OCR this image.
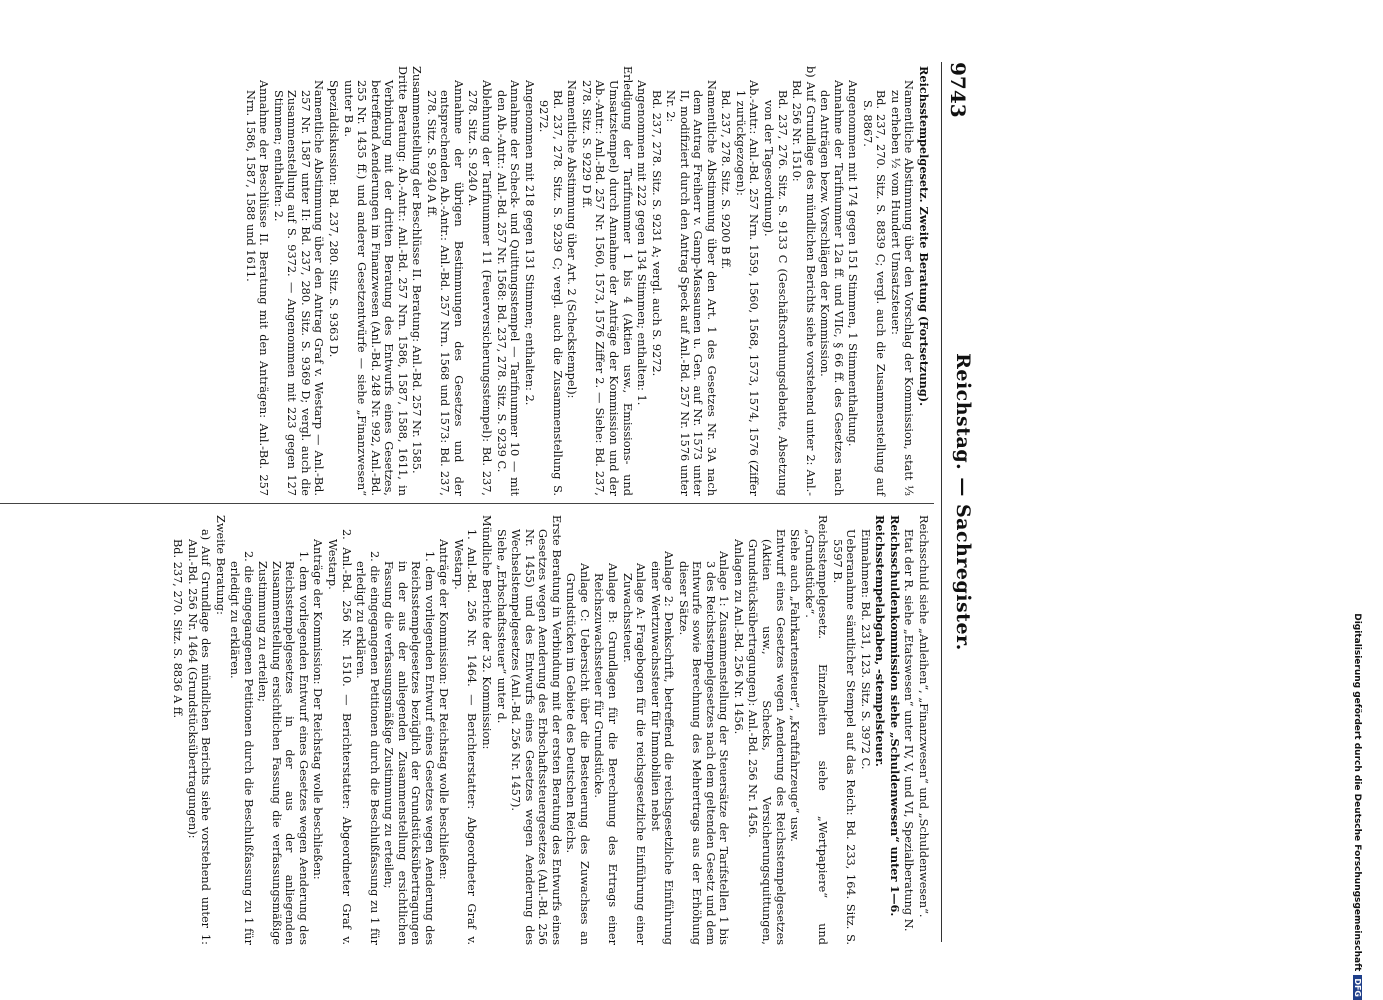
9743
Reichstag. — Sachregister.

Reichsstempelgesetz. Zweite Beratung (Fortsetzung).

Namentliche Abstimmung über den Vorschlag der Kommission, statt ⅓ zu erheben ½ vom Hundert Umsatzsteuer:

Bd. 237, 270. Sitz. S. 8839 C; vergl. auch die Zusammenstellung auf S. 8867.

Angenommen mit 174 gegen 151 Stimmen, 1 Stimmenthaltung.

Annahme der Tarifnummer 12a ff. und VIIc, § 66 ff. des Gesetzes nach den Anträgen bezw. Vorschlägen der Kommission.

b) Auf Grundlage des mündlichen Berichts siehe vorstehend unter 2: Anl.-Bd. 256 Nr. 1510:

Bd. 237, 276. Sitz. S. 9133 C (Geschäftsordnungsdebatte, Absetzung von der Tagesordnung).

Ab.-Antr.: Anl.-Bd. 257 Nrn. 1559, 1560, 1568, 1573, 1574, 1576 (Ziffer 1 zurückgezogen):

Bd. 237, 278. Sitz. S. 9200 B ff.

Namentliche Abstimmung über den Art. 1 des Gesetzes Nr. 3A nach dem Antrag Freiherr v. Gamp-Massaunen u. Gen. auf Nr. 1573 unter II, modifiziert durch den Antrag Speck auf Anl.-Bd. 257 Nr. 1576 unter Nr. 2:

Bd. 237, 278. Sitz. S. 9231 A; vergl. auch S. 9272.

Angenommen mit 222 gegen 134 Stimmen; enthalten: 1.

Erledigung der Tarifnummer 1 bis 4 (Aktien usw., Emissions- und Umsatzstempel) durch Annahme der Anträge der Kommission und der Ab.-Antr.: Anl.-Bd. 257 Nr. 1560, 1573, 1576 Ziffer 2. — Siehe: Bd. 237, 278. Sitz. S. 9229 D ff.

Namentliche Abstimmung über Art. 2 (Scheckstempel):

Bd. 237, 278. Sitz. S. 9239 C; vergl. auch die Zusammenstellung S. 9272.

Angenommen mit 218 gegen 131 Stimmen; enthalten: 2.

Annahme der Scheck- und Quittungsstempel — Tarifnummer 10 — mit den Ab.-Antr.: Anl.-Bd. 257 Nr. 1568: Bd. 237, 278. Sitz. S. 9239 C.

Ablehnung der Tarifnummer 11 (Feuerversicherungsstempel): Bd. 237, 278. Sitz. S. 9240 A.

Annahme der übrigen Bestimmungen des Gesetzes und der entsprechenden Ab.-Antr.: Anl.-Bd. 257 Nrn. 1568 und 1573: Bd. 237, 278. Sitz. S. 9240 A ff.

Zusammenstellung der Beschlüsse II. Beratung: Anl.-Bd. 257 Nr. 1585.

Dritte Beratung: Ab.-Antr.: Anl.-Bd. 257 Nrn. 1586, 1587, 1588, 1611, in Verbindung mit der dritten Beratung des Entwurfs eines Gesetzes, betreffend Aenderungen im Finanzwesen (Anl.-Bd. 248 Nr. 992, Anl.-Bd. 255 Nr. 1435 ff.) und anderer Gesetzentwürfe — siehe „Finanzwesen“ unter B a.

Spezialdiskussion: Bd. 237, 280. Sitz. S. 9363 D.

Namentliche Abstimmung über den Antrag Graf v. Westarp — Anl.-Bd. 257 Nr. 1587 unter II: Bd. 237, 280. Sitz. S. 9369 D; vergl. auch die Zusammenstellung auf S. 9372. — Angenommen mit 223 gegen 127 Stimmen; enthalten: 2.

Annahme der Beschlüsse II. Beratung mit den Anträgen: Anl.-Bd. 257 Nrn. 1586, 1587, 1588 und 1611.

Reichsschuld siehe „Anleihen“, „Finanzwesen“ und „Schuldenwesen“.

Etat der R. siehe „Etatswesen“ unter IV, V, und VI, Spezialberatung N.

Reichsschuldenkommission siehe „Schuldenwesen“ unter 1—6.

Reichsstempelabgaben, -stempelsteuer.

Einnahmen: Bd. 231, 123. Sitz. S. 3972 C.

Ueberanahme sämtlicher Stempel auf das Reich: Bd. 233, 164. Sitz. S. 5597 B.

Reichsstempelgesetz. Einzelheiten siehe „Wertpapiere“ und „Grundstücke“.

Siehe auch „Fahrkartensteuer“, „Kraftfahrzeuge“ usw.

Entwurf eines Gesetzes wegen Aenderung des Reichsstempelgesetzes (Aktien usw., Schecks, Versicherungsquittungen, Grundstücksübertragungen): Anl.-Bd. 256 Nr. 1456.

Anlagen zu Anl.-Bd. 256 Nr. 1456.

Anlage 1: Zusammenstellung der Steuersätze der Tarifstellen 1 bis 3 des Reichsstempelgesetzes nach dem geltenden Gesetz und dem Entwurfe sowie Berechnung des Mehrertrags aus der Erhöhung dieser Sätze.

Anlage 2: Denkschrift, betreffend die reichsgesetzliche Einführung einer Wertzuwachssteuer für Immobilien nebst

Anlage A: Fragebogen für die reichsgesetzliche Einführung einer Zuwachssteuer.

Anlage B: Grundlagen für die Berechnung des Ertrags einer Reichszuwachssteuer für Grundstücke.

Anlage C: Uebersicht über die Besteuerung des Zuwachses an Grundstücken im Gebiete des Deutschen Reichs.

Erste Beratung in Verbindung mit der ersten Beratung des Entwurfs eines Gesetzes wegen Aenderung des Erbschaftssteuergesetzes (Anl.-Bd. 256 Nr. 1455) und des Entwurfs eines Gesetzes wegen Aenderung des Wechselstempelgesetzes (Anl.-Bd. 256 Nr. 1457).

Siehe „Erbschaftssteuer“ unter d.

Mündliche Berichte der 32. Kommission:

1. Anl.-Bd. 256 Nr. 1464. — Berichterstatter: Abgeordneter Graf v. Westarp.

Anträge der Kommission: Der Reichstag wolle beschließen:

1. dem vorliegenden Entwurf eines Gesetzes wegen Aenderung des Reichsstempelgesetzes bezüglich der Grundstücksübertragungen in der aus der anliegenden Zusammenstellung ersichtlichen Fassung die verfassungsmäßige Zustimmung zu erteilen;

2. die eingegangenen Petitionen durch die Beschlußfassung zu 1 für erledigt zu erklären.

2. Anl.-Bd. 256 Nr. 1510. — Berichterstatter: Abgeordneter Graf v. Westarp.

Anträge der Kommission: Der Reichstag wolle beschließen:

1. dem vorliegenden Entwurf eines Gesetzes wegen Aenderung des Reichsstempelgesetzes in der aus der anliegenden Zusammenstellung ersichtlichen Fassung die verfassungsmäßige Zustimmung zu erteilen;

2. die eingegangenen Petitionen durch die Beschlußfassung zu 1 für erledigt zu erklären.

Zweite Beratung:

a) Auf Grundlage des mündlichen Berichts siehe vorstehend unter 1: Anl.-Bd. 256 Nr. 1464 (Grundstücksübertragungen):

Bd. 237, 270. Sitz. S. 8836 A ff.	Digitalisierung gefördert durch die Deutsche ForschungsgemeinschaftDFG
